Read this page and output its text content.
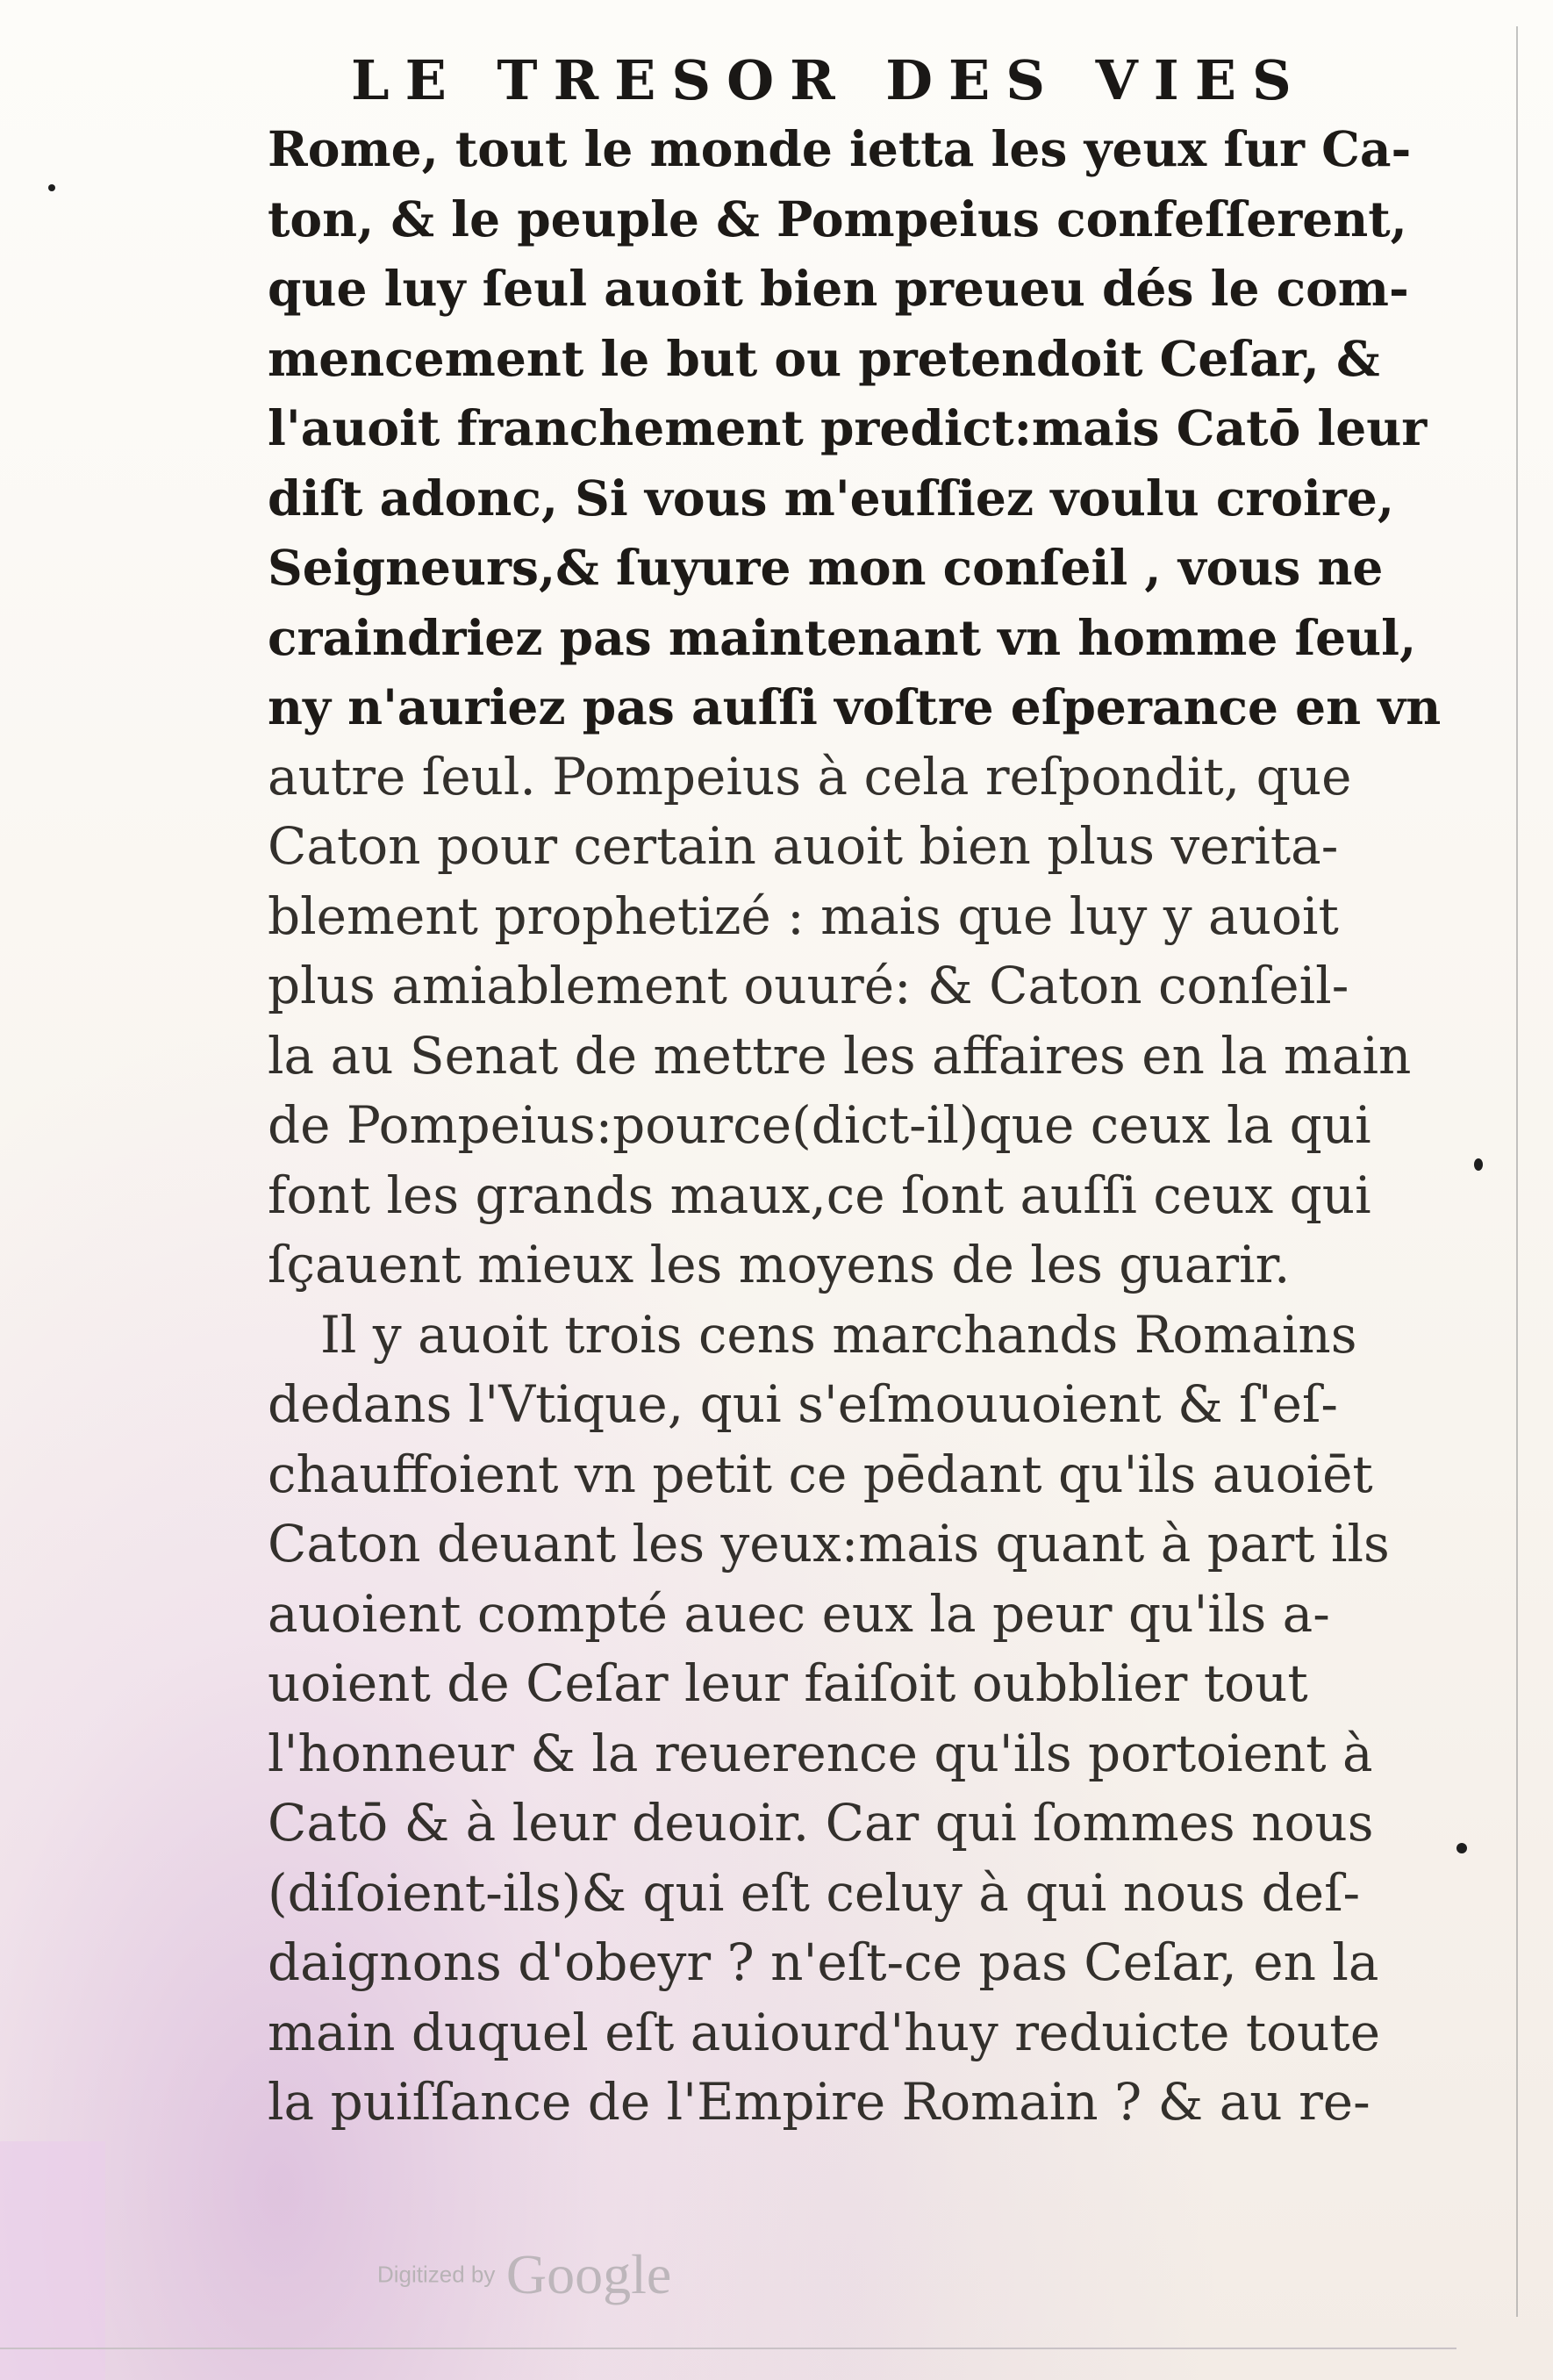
LE TRESOR DES VIES
Rome, tout le monde ietta les yeux ſur Ca-
ton, & le peuple & Pompeius confeſſerent,
que luy ſeul auoit bien preueu dés le com-
mencement le but ou pretendoit Ceſar, &
l'auoit franchement predict:mais Catō leur
diſt adonc, Si vous m'euſſiez voulu croire,
Seigneurs,& ſuyure mon conſeil , vous ne
craindriez pas maintenant vn homme ſeul,
ny n'auriez pas auſſi voſtre eſperance en vn
autre ſeul. Pompeius à cela reſpondit, que
Caton pour certain auoit bien plus verita-
blement prophetizé : mais que luy y auoit
plus amiablement ouuré: & Caton conſeil-
la au Senat de mettre les affaires en la main
de Pompeius:pource(dict-il)que ceux la qui
font les grands maux,ce ſont auſſi ceux qui
ſçauent mieux les moyens de les guarir.
Il y auoit trois cens marchands Romains
dedans l'Vtique, qui s'eſmouuoient & ſ'eſ-
chauffoient vn petit ce pēdant qu'ils auoiēt
Caton deuant les yeux:mais quant à part ils
auoient compté auec eux la peur qu'ils a-
uoient de Ceſar leur faiſoit oubblier tout
l'honneur & la reuerence qu'ils portoient à
Catō & à leur deuoir. Car qui ſommes nous
(diſoient-ils)& qui eſt celuy à qui nous deſ-
daignons d'obeyr ? n'eſt-ce pas Ceſar, en la
main duquel eſt auiourd'huy reduicte toute
la puiſſance de l'Empire Romain ? & au re-
Digitized by Google
